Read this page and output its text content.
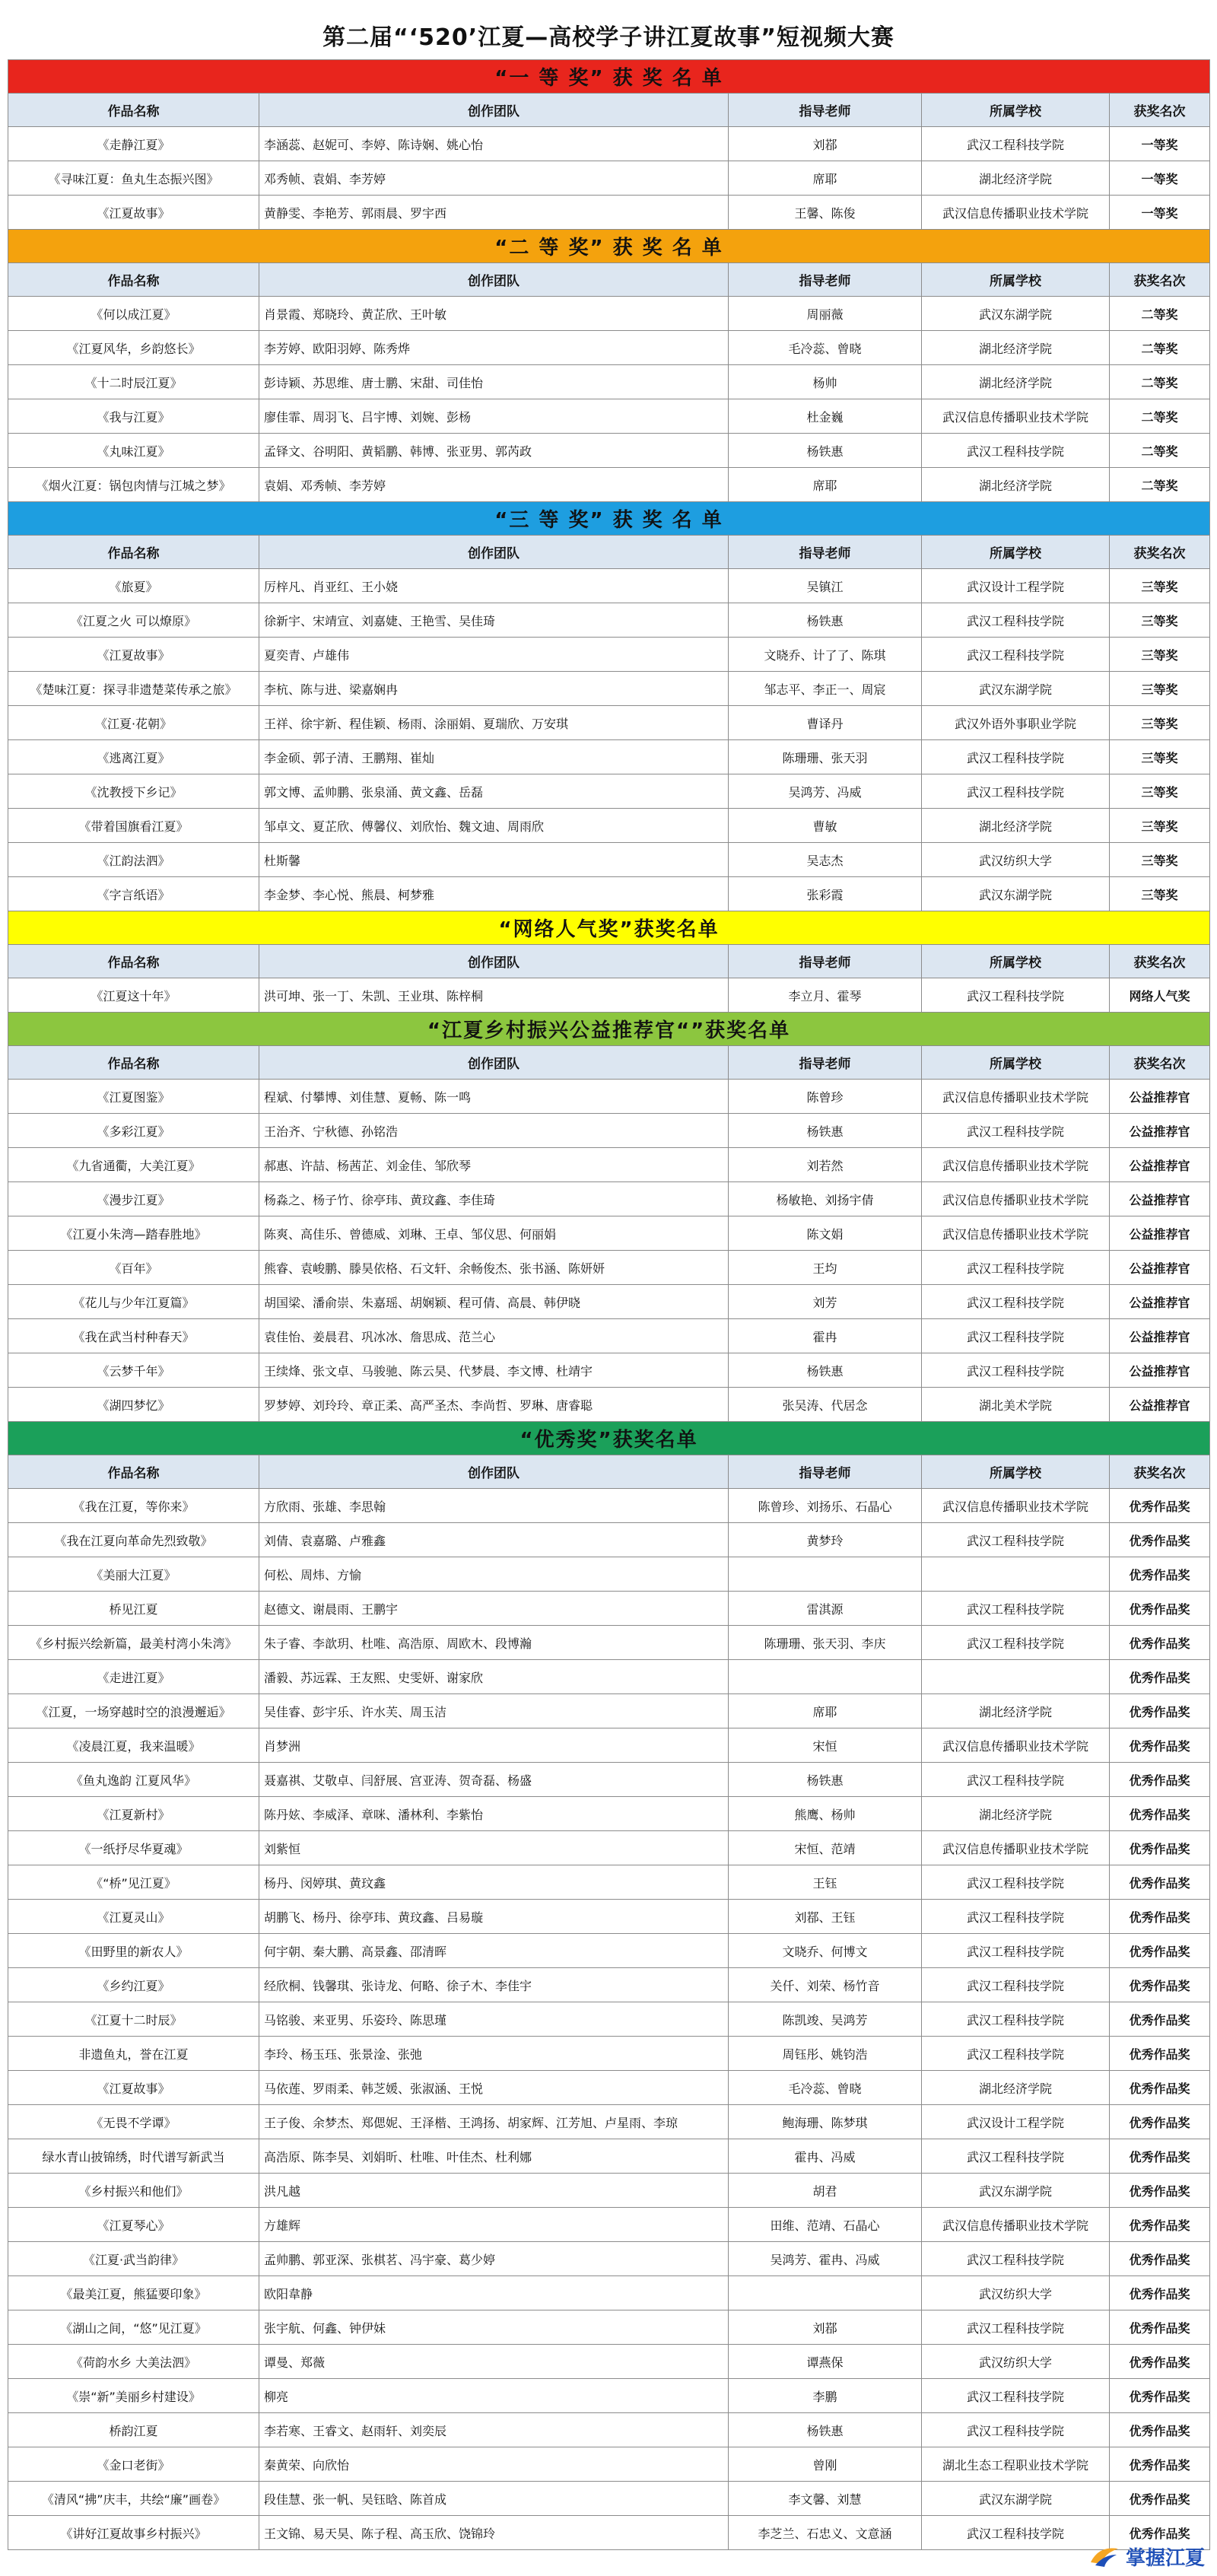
第二届“‘520’江夏—高校学子讲江夏故事”短视频大赛
“一 等 奖” 获 奖 名 单				
作品名称	创作团队	指导老师	所属学校	获奖名次
《走静江夏》	李涵蕊、赵妮可、李婷、陈诗娴、姚心怡	刘鄀	武汉工程科技学院	一等奖
《寻味江夏：鱼丸生态振兴图》	邓秀帧、袁娟、李芳婷	席耶	湖北经济学院	一等奖
《江夏故事》	黄静雯、李艳芳、郭雨晨、罗宇西	王馨、陈俊	武汉信息传播职业技术学院	一等奖
“二 等 奖” 获 奖 名 单				
作品名称	创作团队	指导老师	所属学校	获奖名次
《何以成江夏》	肖景霞、郑晓玲、黄芷欣、王叶敏	周丽薇	武汉东湖学院	二等奖
《江夏风华，乡韵悠长》	李芳婷、欧阳羽婷、陈秀烨	毛冷蕊、曾晓	湖北经济学院	二等奖
《十二时辰江夏》	彭诗颖、苏思维、唐士鹏、宋甜、司佳怡	杨帅	湖北经济学院	二等奖
《我与江夏》	廖佳霏、周羽飞、吕宇博、刘婉、彭杨	杜金巍	武汉信息传播职业技术学院	二等奖
《丸味江夏》	孟铎文、谷明阳、黄韬鹏、韩博、张亚男、郭芮政	杨铁惠	武汉工程科技学院	二等奖
《烟火江夏：锅包肉情与江城之梦》	袁娟、邓秀帧、李芳婷	席耶	湖北经济学院	二等奖
“三 等 奖” 获 奖 名 单				
作品名称	创作团队	指导老师	所属学校	获奖名次
《旅夏》	厉梓凡、肖亚红、王小娆	吴镇江	武汉设计工程学院	三等奖
《江夏之火 可以燎原》	徐新宇、宋靖宣、刘嘉婕、王艳雪、吴佳琦	杨铁惠	武汉工程科技学院	三等奖
《江夏故事》	夏奕青、卢雄伟	文晓乔、计了了、陈琪	武汉工程科技学院	三等奖
《楚味江夏：探寻非遗楚菜传承之旅》	李杭、陈与进、梁嘉娴冉	邹志平、李正一、周宸	武汉东湖学院	三等奖
《江夏·花朝》	王祥、徐宇新、程佳颖、杨雨、涂丽娟、夏瑞欣、万安琪	曹译丹	武汉外语外事职业学院	三等奖
《逃离江夏》	李金硕、郭子清、王鹏翔、崔灿	陈珊珊、张天羽	武汉工程科技学院	三等奖
《沈教授下乡记》	郭文博、孟帅鹏、张泉涌、黄文鑫、岳磊	吴鸿芳、冯威	武汉工程科技学院	三等奖
《带着国旗看江夏》	邹卓文、夏芷欣、傅馨仪、刘欣怡、魏文迪、周雨欣	曹敏	湖北经济学院	三等奖
《江韵法泗》	杜斯馨	吴志杰	武汉纺织大学	三等奖
《字言纸语》	李金梦、李心悦、熊晨、柯梦雅	张彩霞	武汉东湖学院	三等奖
“网络人气奖”获奖名单				
作品名称	创作团队	指导老师	所属学校	获奖名次
《江夏这十年》	洪可坤、张一丁、朱凯、王业琪、陈梓桐	李立月、霍琴	武汉工程科技学院	网络人气奖
“江夏乡村振兴公益推荐官“”获奖名单				
作品名称	创作团队	指导老师	所属学校	获奖名次
《江夏图鉴》	程斌、付攀博、刘佳慧、夏畅、陈一鸣	陈曾珍	武汉信息传播职业技术学院	公益推荐官
《多彩江夏》	王治齐、宁秋德、孙铭浩	杨铁惠	武汉工程科技学院	公益推荐官
《九省通衢，大美江夏》	郝惠、许喆、杨茜芷、刘金佳、邹欣琴	刘若然	武汉信息传播职业技术学院	公益推荐官
《漫步江夏》	杨淼之、杨子竹、徐亭玮、黄玟鑫、李佳琦	杨敏艳、刘扬宇倩	武汉信息传播职业技术学院	公益推荐官
《江夏小朱湾—踏春胜地》	陈爽、高佳乐、曾德威、刘琳、王卓、邹仪思、何丽娟	陈文娟	武汉信息传播职业技术学院	公益推荐官
《百年》	熊睿、袁峻鹏、滕昊依格、石文轩、余畅俊杰、张书涵、陈妍妍	王均	武汉工程科技学院	公益推荐官
《花儿与少年江夏篇》	胡国梁、潘俞崇、朱嘉瑶、胡娴颖、程可倩、高晨、韩伊晓	刘芳	武汉工程科技学院	公益推荐官
《我在武当村种春天》	袁佳怡、姜晨君、巩冰冰、詹思成、范兰心	霍冉	武汉工程科技学院	公益推荐官
《云梦千年》	王续烽、张文卓、马骏驰、陈云昊、代梦晨、李文博、杜靖宇	杨铁惠	武汉工程科技学院	公益推荐官
《湖四梦忆》	罗梦婷、刘玲玲、章正柔、高严圣杰、李尚哲、罗琳、唐睿聪	张吴涛、代居念	湖北美术学院	公益推荐官
“优秀奖”获奖名单				
作品名称	创作团队	指导老师	所属学校	获奖名次
《我在江夏，等你来》	方欣雨、张雄、李思翰	陈曾珍、刘扬乐、石晶心	武汉信息传播职业技术学院	优秀作品奖
《我在江夏向革命先烈致敬》	刘倩、袁嘉璐、卢雅鑫	黄梦玲	武汉工程科技学院	优秀作品奖
《美丽大江夏》	何松、周炜、方愉			优秀作品奖
桥见江夏	赵德文、谢晨雨、王鹏宇	雷淇源	武汉工程科技学院	优秀作品奖
《乡村振兴绘新篇，最美村湾小朱湾》	朱子睿、李歆玥、杜唯、高浩原、周欧木、段博瀚	陈珊珊、张天羽、李庆	武汉工程科技学院	优秀作品奖
《走进江夏》	潘毅、苏远霖、王友熙、史雯妍、谢家欣			优秀作品奖
《江夏，一场穿越时空的浪漫邂逅》	吴佳睿、彭宇乐、许水芙、周玉洁	席耶	湖北经济学院	优秀作品奖
《凌晨江夏，我来温暖》	肖梦洲	宋恒	武汉信息传播职业技术学院	优秀作品奖
《鱼丸逸韵 江夏风华》	聂嘉祺、艾敬卓、闫舒展、宫亚涛、贺奇磊、杨盛	杨铁惠	武汉工程科技学院	优秀作品奖
《江夏新村》	陈丹妶、李威泽、章咪、潘林利、李紫怡	熊鹰、杨帅	湖北经济学院	优秀作品奖
《一纸抒尽华夏魂》	刘紫恒	宋恒、范靖	武汉信息传播职业技术学院	优秀作品奖
《“桥”见江夏》	杨丹、闵婷琪、黄玟鑫	王钰	武汉工程科技学院	优秀作品奖
《江夏灵山》	胡鹏飞、杨丹、徐亭玮、黄玟鑫、吕易璇	刘鄀、王钰	武汉工程科技学院	优秀作品奖
《田野里的新农人》	何宇朝、秦大鹏、高景鑫、邵清晖	文晓乔、何博文	武汉工程科技学院	优秀作品奖
《乡约江夏》	经欣桐、钱馨琪、张诗龙、何略、徐子木、李佳宇	关仟、刘荣、杨竹音	武汉工程科技学院	优秀作品奖
《江夏十二时辰》	马铭骏、来亚男、乐姿玲、陈思瑾	陈凯竣、吴鸿芳	武汉工程科技学院	优秀作品奖
非遗鱼丸，誉在江夏	李玲、杨玉珏、张景淦、张弛	周钰彤、姚钧浩	武汉工程科技学院	优秀作品奖
《江夏故事》	马依莲、罗雨柔、韩芝媛、张淑涵、王悦	毛冷蕊、曾晓	湖北经济学院	优秀作品奖
《无畏不学谭》	王子俊、余梦杰、郑偲妮、王泽楷、王鸿扬、胡家辉、江芳旭、卢星雨、李琼	鲍海珊、陈梦琪	武汉设计工程学院	优秀作品奖
绿水青山披锦绣，时代谱写新武当	高浩原、陈李昊、刘娟昕、杜唯、叶佳杰、杜利娜	霍冉、冯威	武汉工程科技学院	优秀作品奖
《乡村振兴和他们》	洪凡越	胡君	武汉东湖学院	优秀作品奖
《江夏琴心》	方雄辉	田维、范靖、石晶心	武汉信息传播职业技术学院	优秀作品奖
《江夏·武当韵律》	孟帅鹏、郭亚深、张棋茗、冯宇豪、葛少婷	吴鸿芳、霍冉、冯威	武汉工程科技学院	优秀作品奖
《最美江夏，熊猛要印象》	欧阳韋静		武汉纺织大学	优秀作品奖
《湖山之间，“悠”见江夏》	张宇航、何鑫、钟伊妹	刘鄀	武汉工程科技学院	优秀作品奖
《荷韵水乡 大美法泗》	谭曼、郑薇	谭燕保	武汉纺织大学	优秀作品奖
《崇“新”美丽乡村建设》	柳亮	李鹏	武汉工程科技学院	优秀作品奖
桥韵江夏	李若寒、王睿文、赵雨轩、刘奕辰	杨铁惠	武汉工程科技学院	优秀作品奖
《金口老街》	秦黄荣、向欣怡	曾刚	湖北生态工程职业技术学院	优秀作品奖
《清风“拂”庆丰，共绘“廉”画卷》	段佳慧、张一帆、吴钰晗、陈首成	李文馨、刘慧	武汉东湖学院	优秀作品奖
《讲好江夏故事乡村振兴》	王文锦、易天昊、陈子程、高玉欣、饶锦玲	李芝兰、石忠义、文意涵	武汉工程科技学院	优秀作品奖
掌握江夏
